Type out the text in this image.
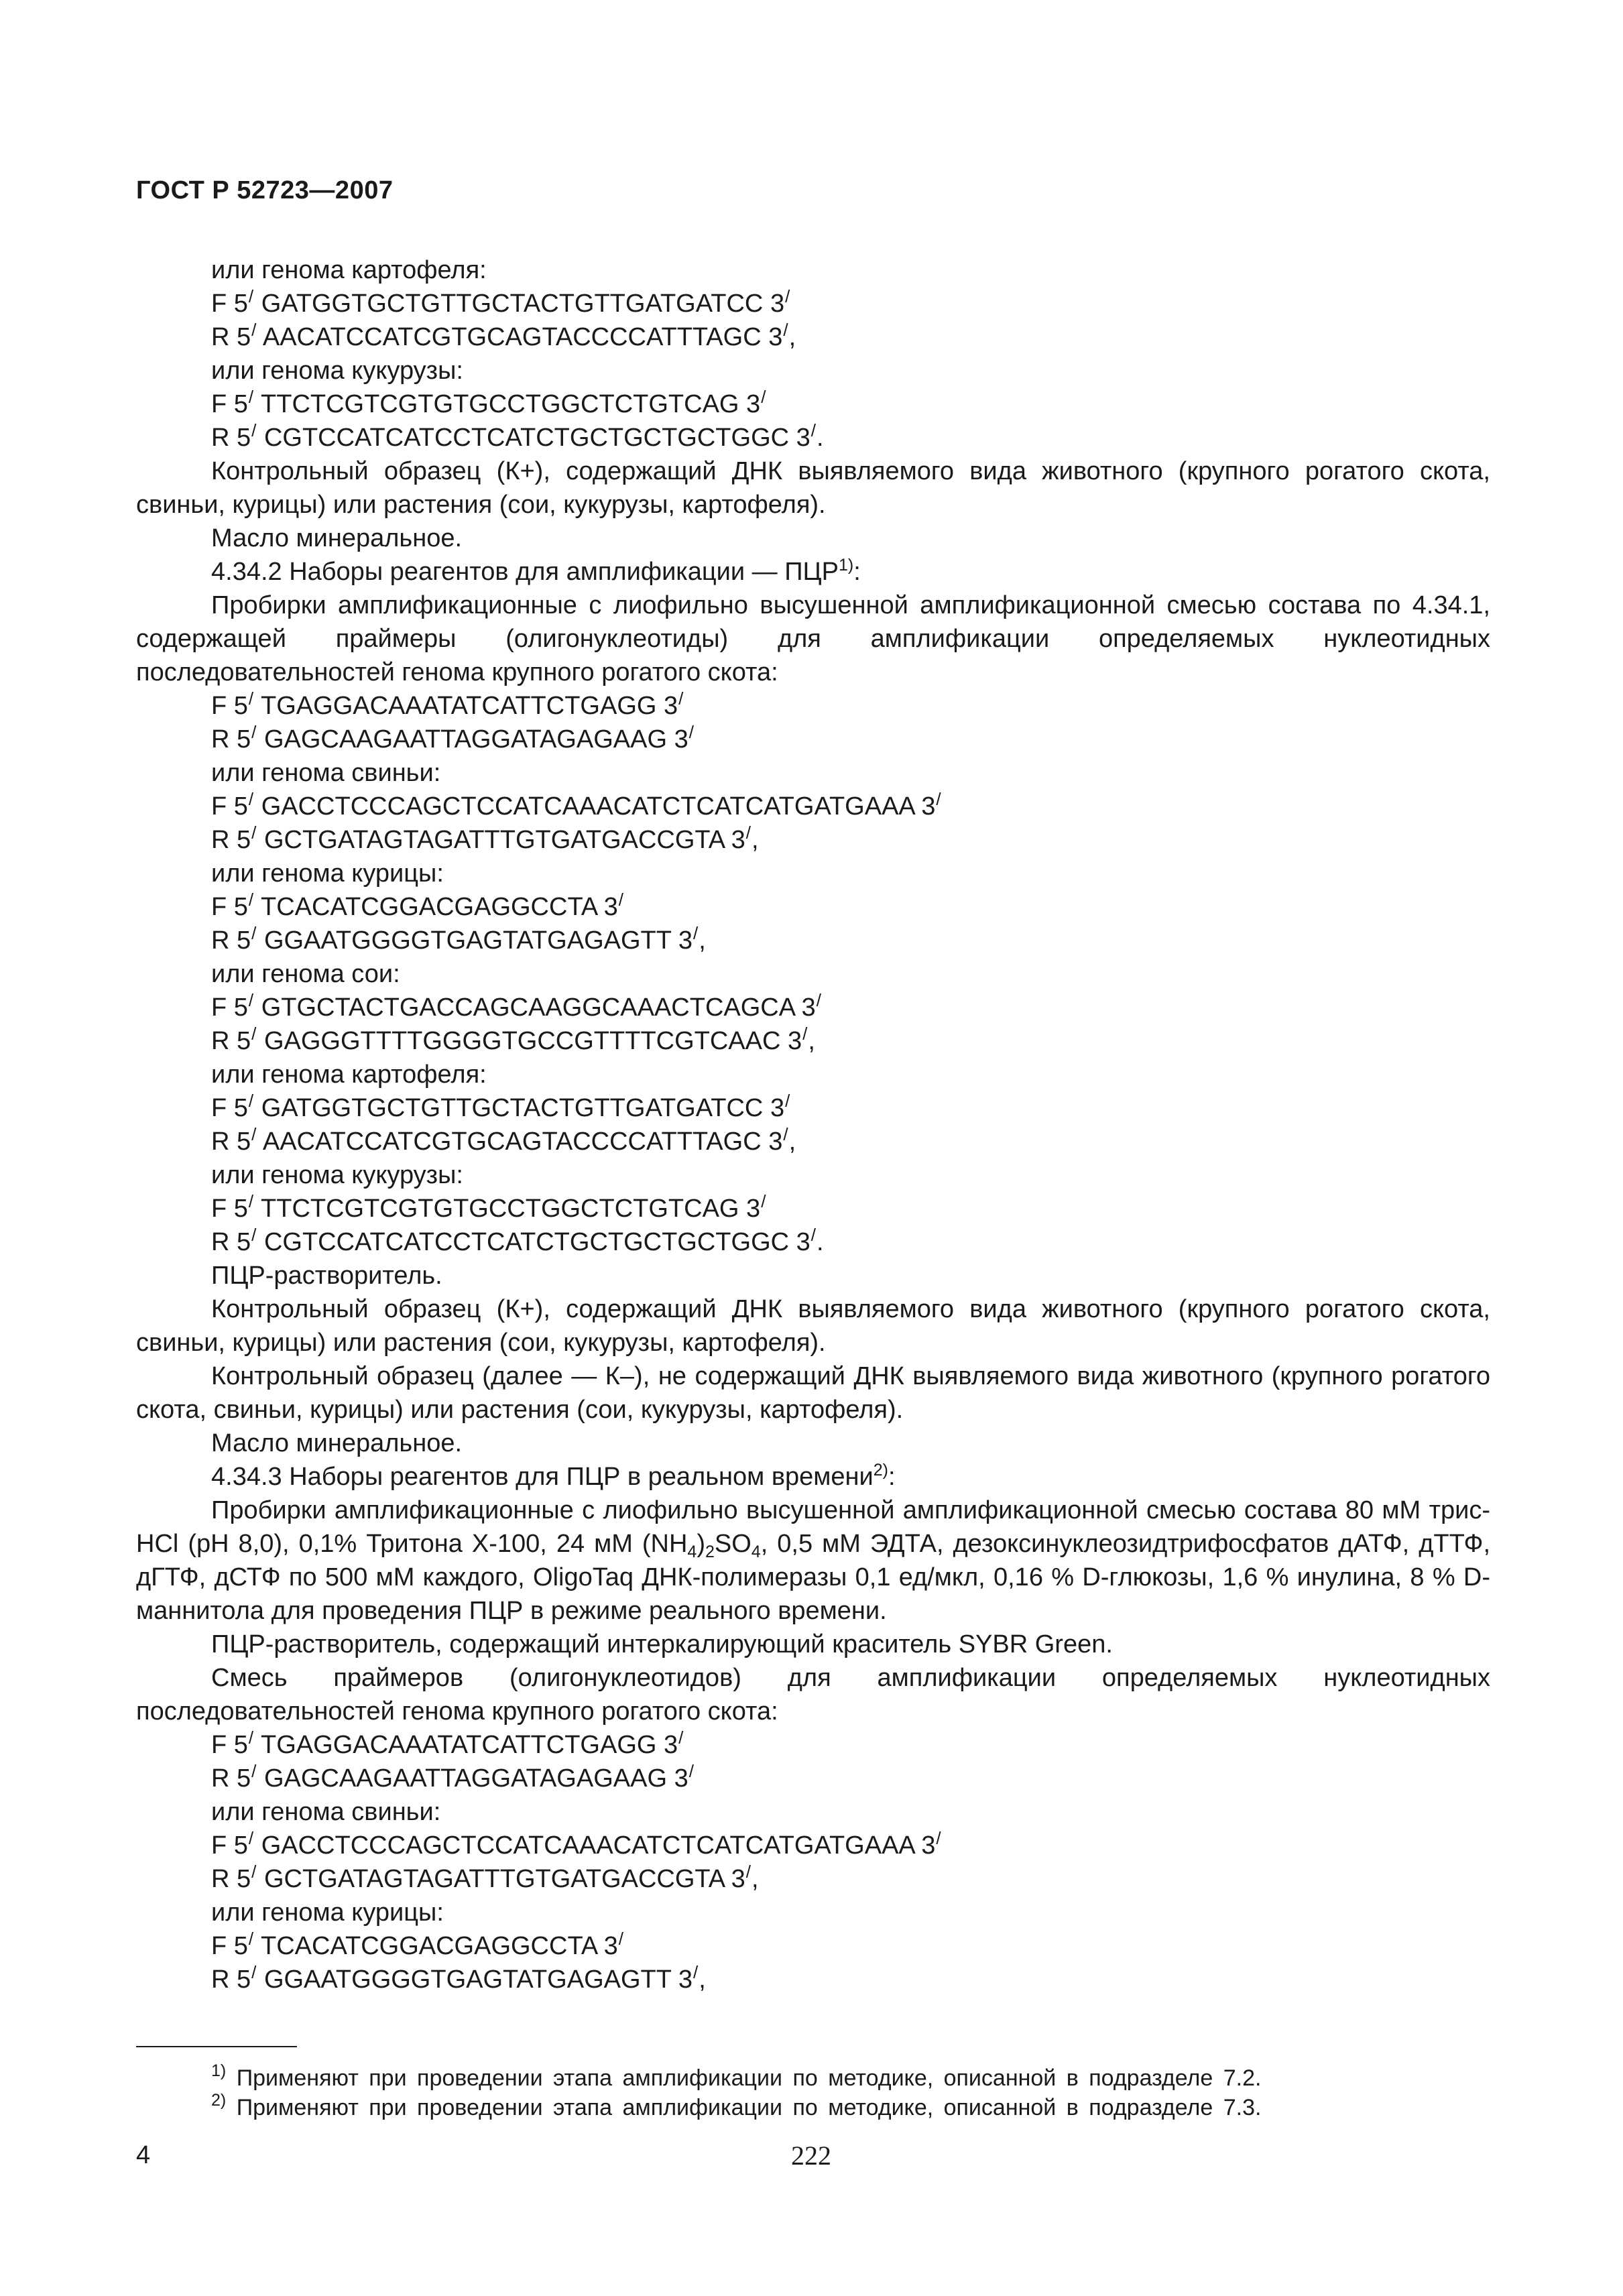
ГОСТ Р 52723—2007
или генома картофеля:
F 5/ GATGGTGCTGTTGCTACTGTTGATGATCC 3/
R 5/ AACATCCATCGTGCAGTACCCCATTTAGC 3/,
или генома кукурузы:
F 5/ TTCTCGTCGTGTGCCTGGCTCTGTCAG 3/
R 5/ CGTCCATCATCCTCATCTGCTGCTGCTGGC 3/.
Контрольный образец (К+), содержащий ДНК выявляемого вида животного (крупного рогатого скота, свиньи, курицы) или растения (сои, кукурузы, картофеля).
Масло минеральное.
4.34.2 Наборы реагентов для амплификации — ПЦР$^{1)}$:
Пробирки амплификационные с лиофильно высушенной амплификационной смесью состава по 4.34.1, содержащей праймеры (олигонуклеотиды) для амплификации определяемых нуклеотидных последовательностей генома крупного рогатого скота:
F 5/ TGAGGACAAATATCATTCTGAGG 3/
R 5/ GAGCAAGAATTAGGATAGAGAAG 3/
или генома свиньи:
F 5/ GACCTCCCAGCTCCATCAAACATCTCATCATGATGAAA 3/
R 5/ GCTGATAGTAGATTTGTGATGACCGTA 3/,
или генома курицы:
F 5/ TCACATCGGACGAGGCCTA 3/
R 5/ GGAATGGGGTGAGTATGAGAGTT 3/,
или генома сои:
F 5/ GTGCTACTGACCAGCAAGGCAAACTCAGCA 3/
R 5/ GAGGGTTTTGGGGTGCCGTTTTCGTCAAC 3/,
или генома картофеля:
F 5/ GATGGTGCTGTTGCTACTGTTGATGATCC 3/
R 5/ AACATCCATCGTGCAGTACCCCATTTAGC 3/,
или генома кукурузы:
F 5/ TTCTCGTCGTGTGCCTGGCTCTGTCAG 3/
R 5/ CGTCCATCATCCTCATCTGCTGCTGCTGGC 3/.
ПЦР-растворитель.
Контрольный образец (К+), содержащий ДНК выявляемого вида животного (крупного рогатого скота, свиньи, курицы) или растения (сои, кукурузы, картофеля).
Контрольный образец (далее — К–), не содержащий ДНК выявляемого вида животного (крупного рогатого скота, свиньи, курицы) или растения (сои, кукурузы, картофеля).
Масло минеральное.
4.34.3 Наборы реагентов для ПЦР в реальном времени$^{2)}$:
Пробирки амплификационные с лиофильно высушенной амплификационной смесью состава 80 мМ трис-HCl (pH 8,0), 0,1% Тритона Х-100, 24 мМ $(NH_4)_2SO_4$, 0,5 мМ ЭДТА, дезоксинуклеозидтрифосфатов дАТФ, дТТФ, дГТФ, дСТФ по 500 мМ каждого, OligoTaq ДНК-полимеразы 0,1 ед/мкл, 0,16 % D-глюкозы, 1,6 % инулина, 8 % D-маннитола для проведения ПЦР в режиме реального времени.
ПЦР-растворитель, содержащий интеркалирующий краситель SYBR Green.
Смесь праймеров (олигонуклеотидов) для амплификации определяемых нуклеотидных последовательностей генома крупного рогатого скота:
F 5/ TGAGGACAAATATCATTCTGAGG 3/
R 5/ GAGCAAGAATTAGGATAGAGAAG 3/
или генома свиньи:
F 5/ GACCTCCCAGCTCCATCAAACATCTCATCATGATGAAA 3/
R 5/ GCTGATAGTAGATTTGTGATGACCGTA 3/,
или генома курицы:
F 5/ TCACATCGGACGAGGCCTA 3/
R 5/ GGAATGGGGTGAGTATGAGAGTT 3/,
$^{1)}$ Применяют при проведении этапа амплификации по методике, описанной в подразделе 7.2.
$^{2)}$ Применяют при проведении этапа амплификации по методике, описанной в подразделе 7.3.
4	222
